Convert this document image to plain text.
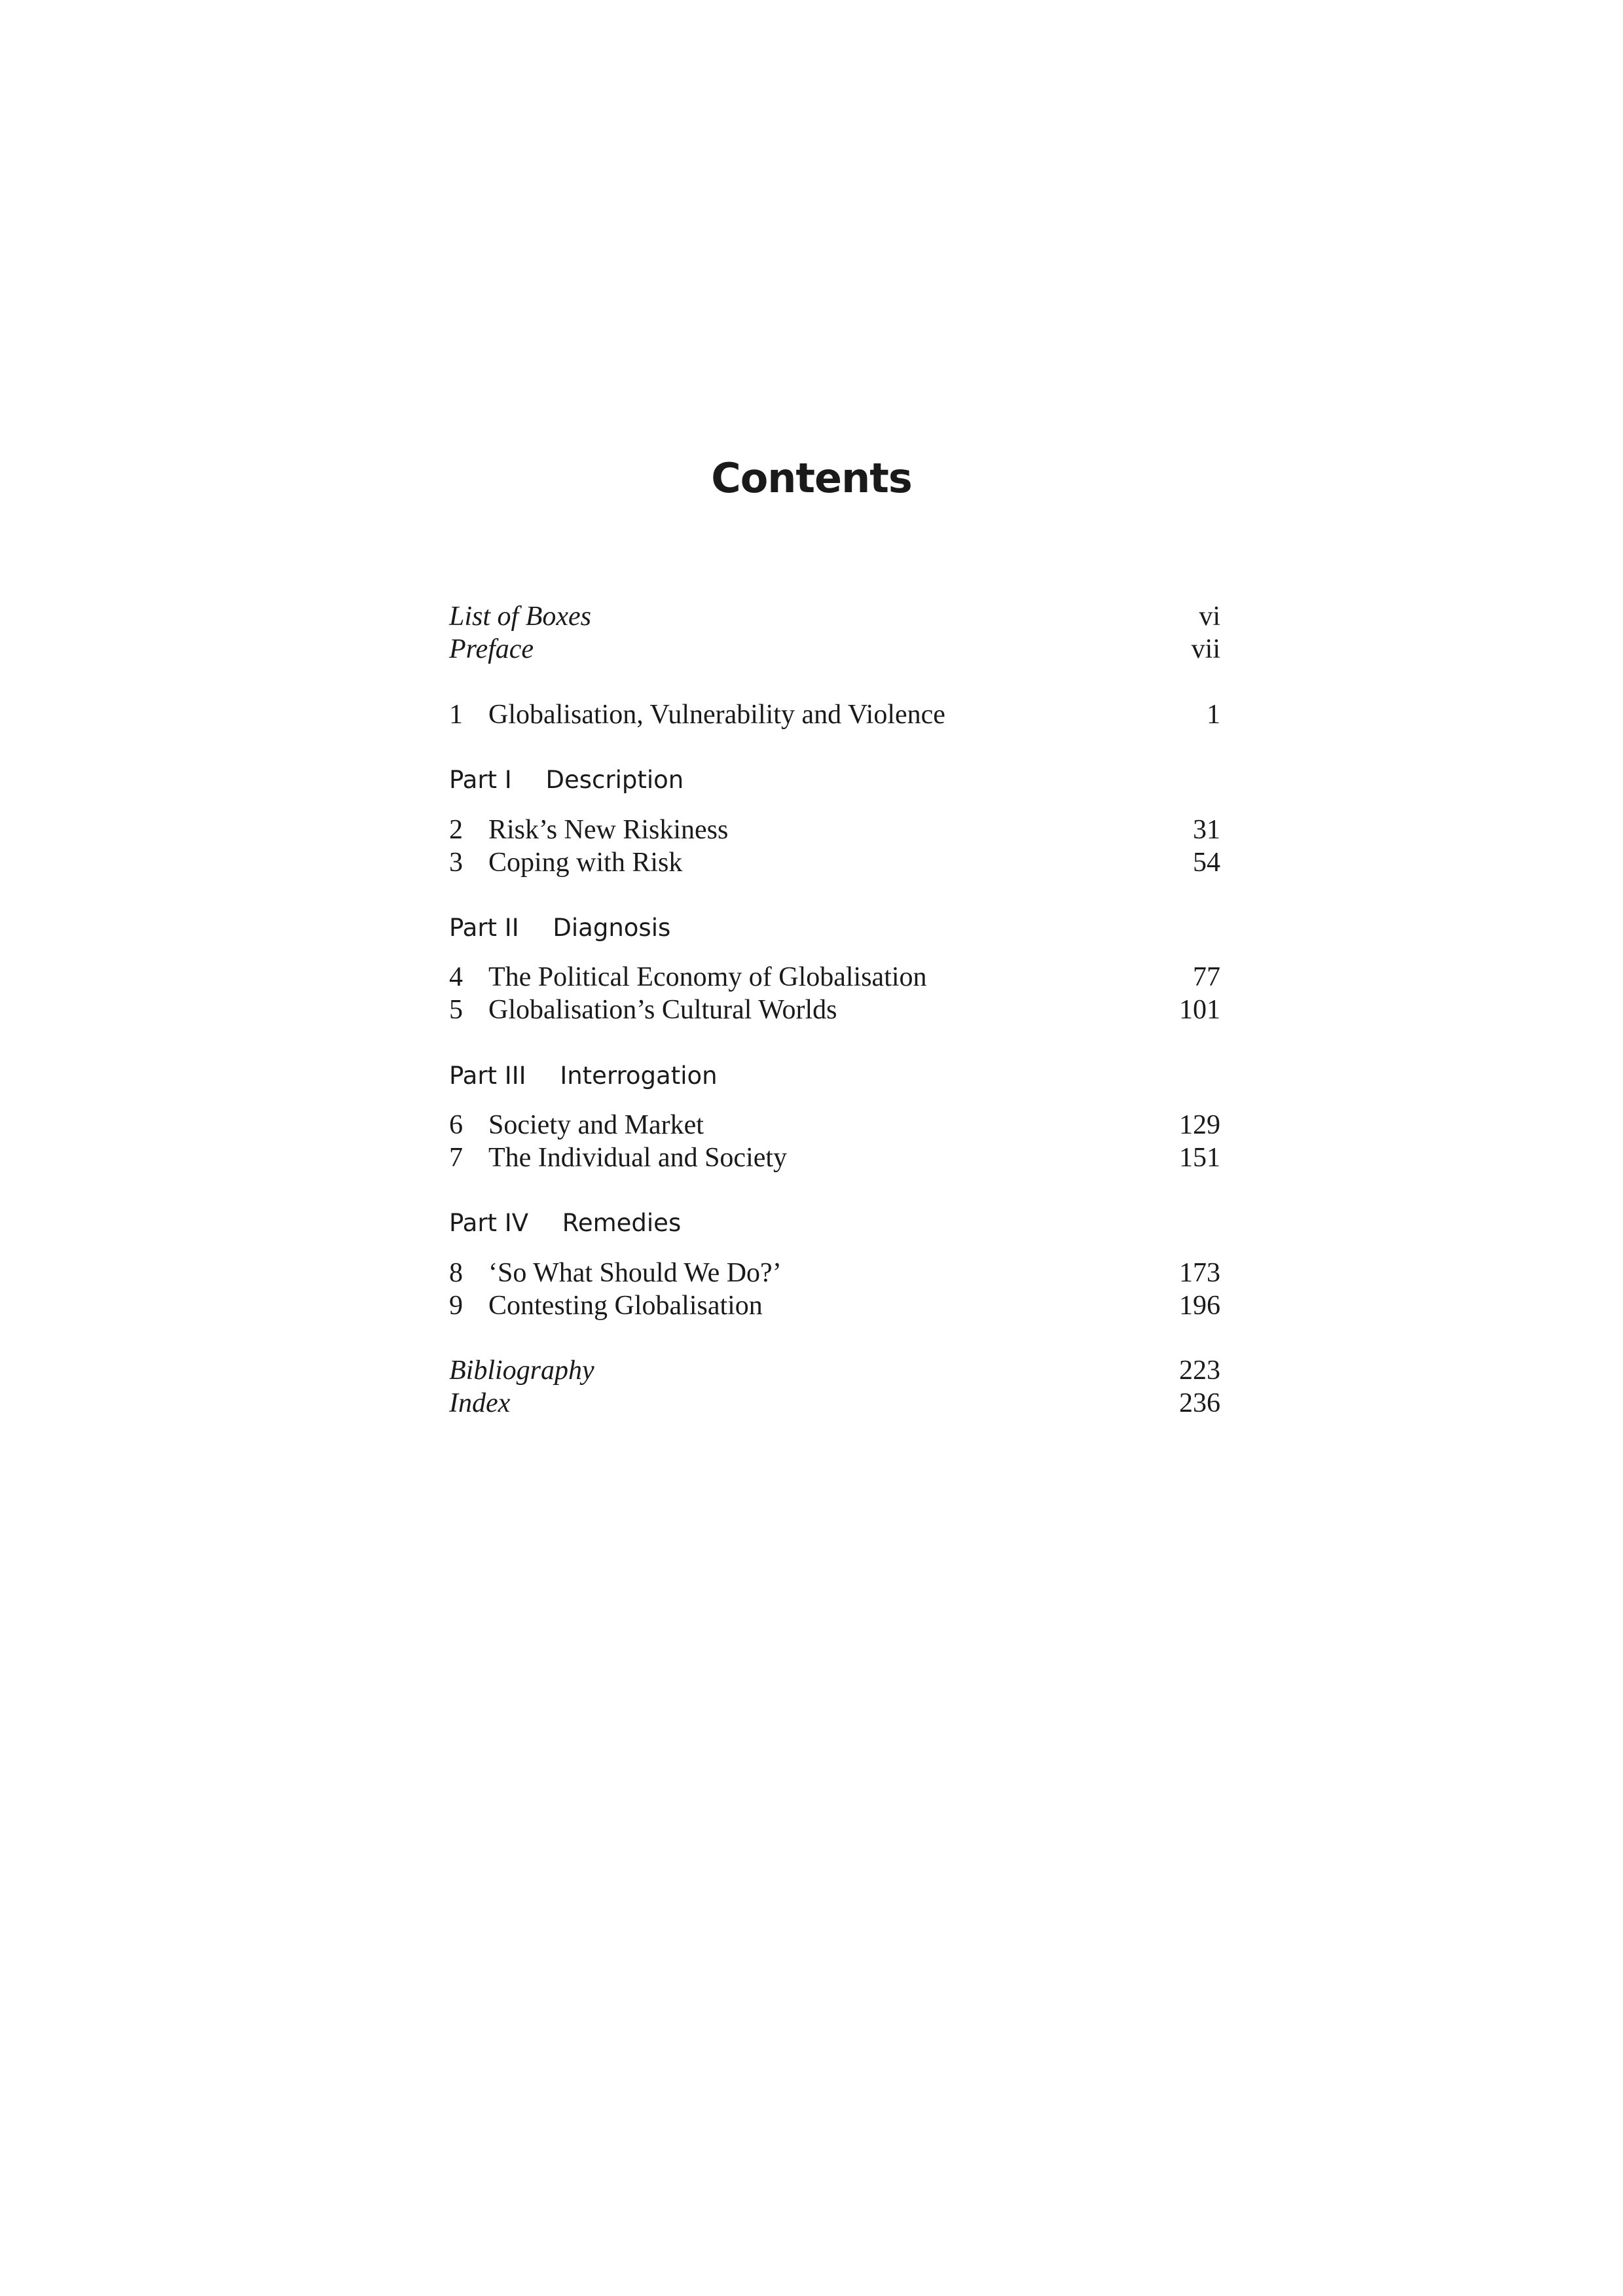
Contents
List of Boxes	vi
Preface	vii
1 Globalisation, Vulnerability and Violence	1
Part I Description
2 Risk’s New Riskiness	31
3 Coping with Risk	54
Part II Diagnosis
4 The Political Economy of Globalisation	77
5 Globalisation’s Cultural Worlds	101
Part III Interrogation
6 Society and Market	129
7 The Individual and Society	151
Part IV Remedies
8 ‘So What Should We Do?’	173
9 Contesting Globalisation	196
Bibliography	223
Index	236
